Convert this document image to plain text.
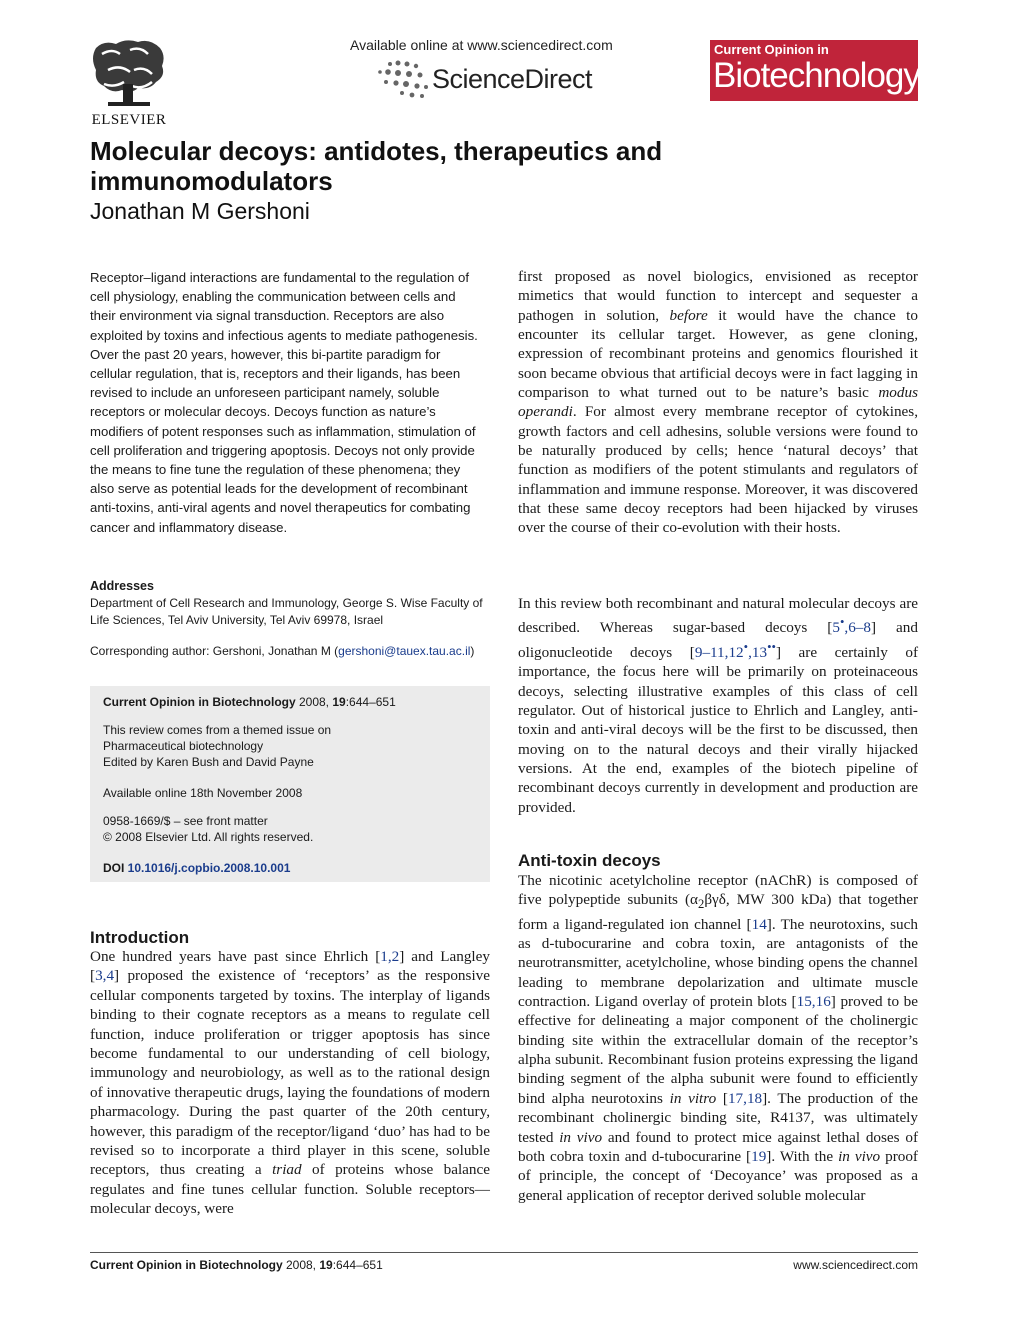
ELSEVIER
Available online at www.sciencedirect.com
ScienceDirect
Current Opinion in
Biotechnology
Molecular decoys: antidotes, therapeutics and immunomodulators
Jonathan M Gershoni
Receptor–ligand interactions are fundamental to the regulation of cell physiology, enabling the communication between cells and their environment via signal transduction. Receptors are also exploited by toxins and infectious agents to mediate pathogenesis. Over the past 20 years, however, this bi-partite paradigm for cellular regulation, that is, receptors and their ligands, has been revised to include an unforeseen participant namely, soluble receptors or molecular decoys. Decoys function as nature’s modifiers of potent responses such as inflammation, stimulation of cell proliferation and triggering apoptosis. Decoys not only provide the means to fine tune the regulation of these phenomena; they also serve as potential leads for the development of recombinant anti-toxins, anti-viral agents and novel therapeutics for combating cancer and inflammatory disease.
Addresses
Department of Cell Research and Immunology, George S. Wise Faculty of Life Sciences, Tel Aviv University, Tel Aviv 69978, Israel
Corresponding author: Gershoni, Jonathan M (gershoni@tauex.tau.ac.il)
Current Opinion in Biotechnology 2008, 19:644–651
This review comes from a themed issue on
Pharmaceutical biotechnology
Edited by Karen Bush and David Payne
Available online 18th November 2008
0958-1669/$ – see front matter
© 2008 Elsevier Ltd. All rights reserved.
DOI 10.1016/j.copbio.2008.10.001
Introduction
One hundred years have past since Ehrlich [1,2] and Langley [3,4] proposed the existence of ‘receptors’ as the responsive cellular components targeted by toxins. The interplay of ligands binding to their cognate receptors as a means to regulate cell function, induce proliferation or trigger apoptosis has since become fundamental to our understanding of cell biology, immunology and neurobiology, as well as to the rational design of innovative therapeutic drugs, laying the foundations of modern pharmacology. During the past quarter of the 20th century, however, this paradigm of the receptor/ligand ‘duo’ has had to be revised so to incorporate a third player in this scene, soluble receptors, thus creating a triad of proteins whose balance regulates and fine tunes cellular function. Soluble receptors—molecular decoys, were
first proposed as novel biologics, envisioned as receptor mimetics that would function to intercept and sequester a pathogen in solution, before it would have the chance to encounter its cellular target. However, as gene cloning, expression of recombinant proteins and genomics flourished it soon became obvious that artificial decoys were in fact lagging in comparison to what turned out to be nature’s basic modus operandi. For almost every membrane receptor of cytokines, growth factors and cell adhesins, soluble versions were found to be naturally produced by cells; hence ‘natural decoys’ that function as modifiers of the potent stimulants and regulators of inflammation and immune response. Moreover, it was discovered that these same decoy receptors had been hijacked by viruses over the course of their co-evolution with their hosts.
In this review both recombinant and natural molecular decoys are described. Whereas sugar-based decoys [5•,6–8] and oligonucleotide decoys [9–11,12•,13••] are certainly of importance, the focus here will be primarily on proteinaceous decoys, selecting illustrative examples of this class of cell regulator. Out of historical justice to Ehrlich and Langley, anti-toxin and anti-viral decoys will be the first to be discussed, then moving on to the natural decoys and their virally hijacked versions. At the end, examples of the biotech pipeline of recombinant decoys currently in development and production are provided.
Anti-toxin decoys
The nicotinic acetylcholine receptor (nAChR) is composed of five polypeptide subunits ($\alpha_2\beta\gamma\delta$, MW 300 kDa) that together form a ligand-regulated ion channel [14]. The neurotoxins, such as d-tubocurarine and cobra toxin, are antagonists of the neurotransmitter, acetylcholine, whose binding opens the channel leading to membrane depolarization and ultimate muscle contraction. Ligand overlay of protein blots [15,16] proved to be effective for delineating a major component of the cholinergic binding site within the extracellular domain of the receptor’s alpha subunit. Recombinant fusion proteins expressing the ligand binding segment of the alpha subunit were found to efficiently bind alpha neurotoxins in vitro [17,18]. The production of the recombinant cholinergic binding site, R4137, was ultimately tested in vivo and found to protect mice against lethal doses of both cobra toxin and d-tubocurarine [19]. With the in vivo proof of principle, the concept of ‘Decoyance’ was proposed as a general application of receptor derived soluble molecular
Current Opinion in Biotechnology 2008, 19:644–651	www.sciencedirect.com
